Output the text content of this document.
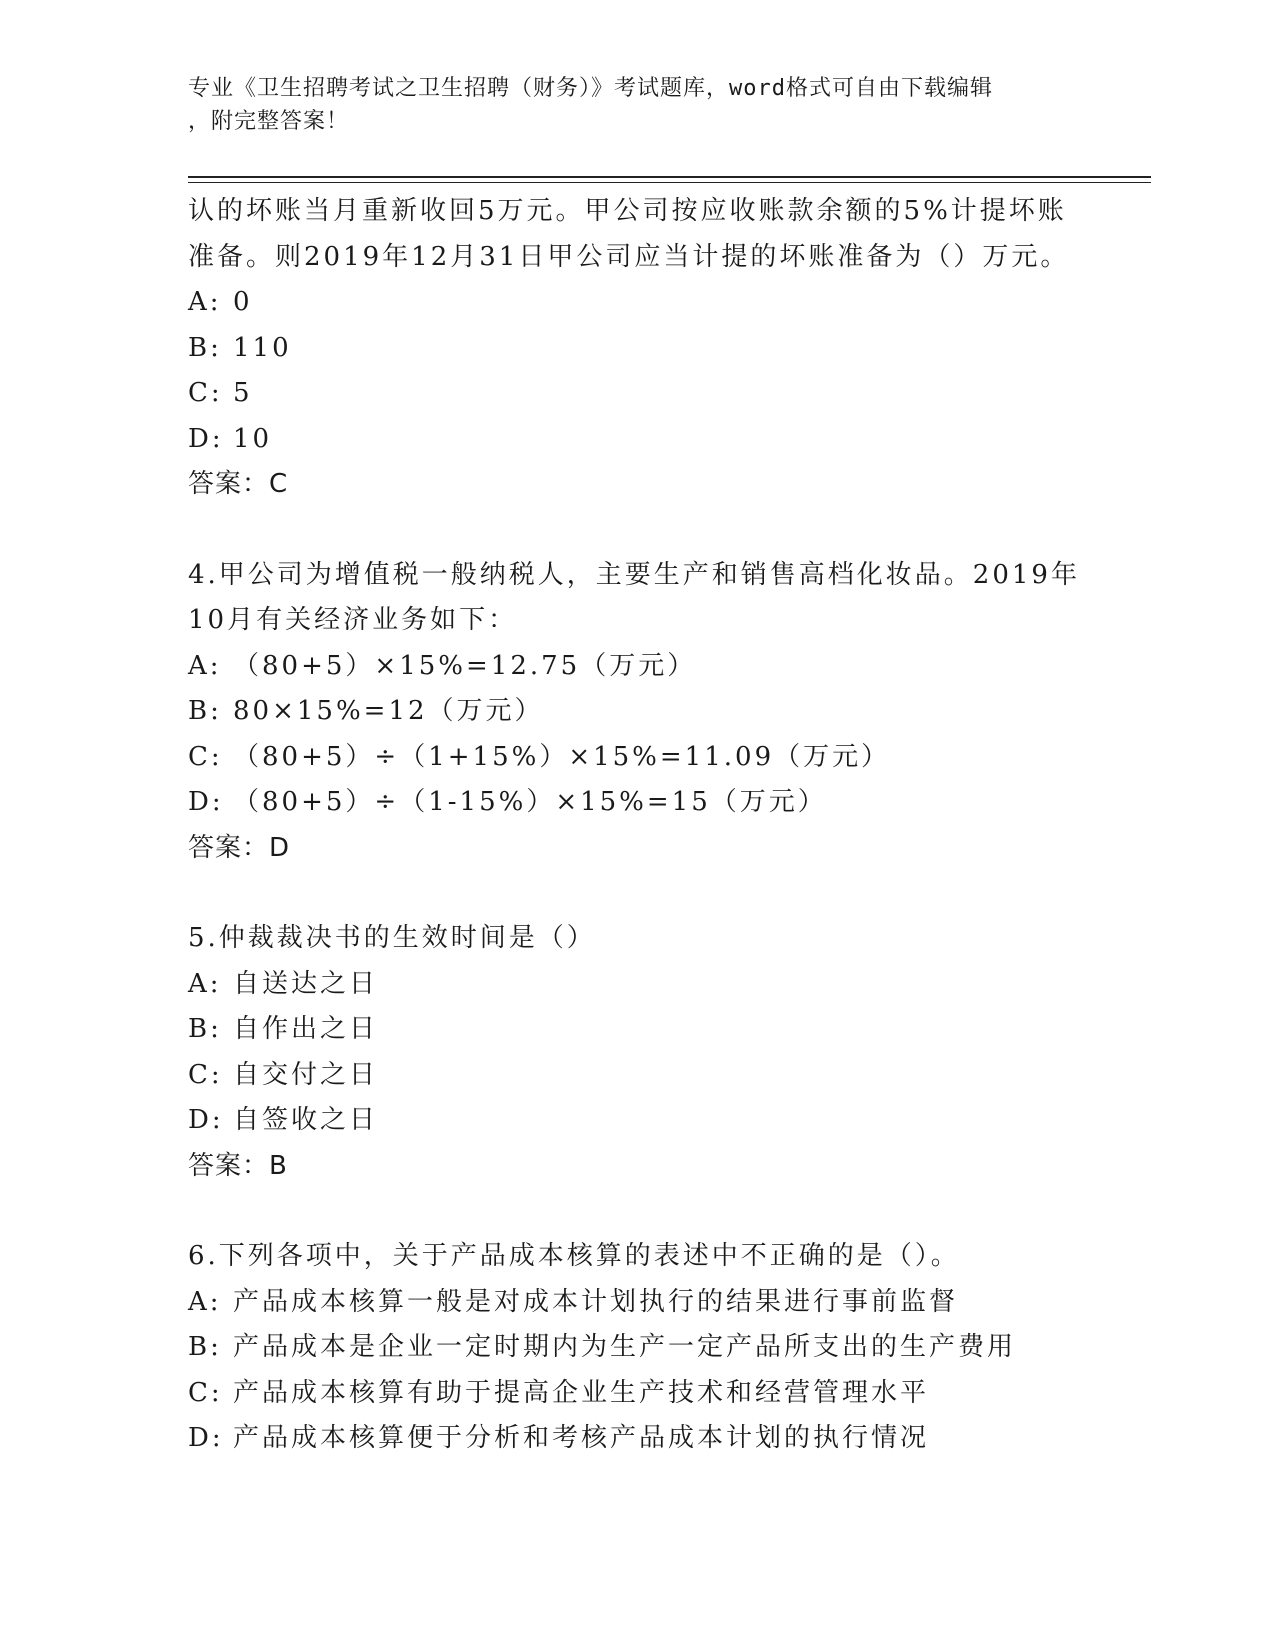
专业《卫生招聘考试之卫生招聘（财务）》考试题库，word格式可自由下载编辑
，附完整答案！

认的坏账当月重新收回5万元。甲公司按应收账款余额的5%计提坏账

准备。则2019年12月31日甲公司应当计提的坏账准备为（）万元。

A: 0

B: 110

C: 5

D: 10

答案：C

4.甲公司为增值税一般纳税人，主要生产和销售高档化妆品。2019年

10月有关经济业务如下：

A: （80+5）×15%=12.75（万元）

B: 80×15%=12（万元）

C: （80+5）÷（1+15%）×15%=11.09（万元）

D: （80+5）÷（1-15%）×15%=15（万元）

答案：D

5.仲裁裁决书的生效时间是（）

A: 自送达之日

B: 自作出之日

C: 自交付之日

D: 自签收之日

答案：B

6.下列各项中，关于产品成本核算的表述中不正确的是（）。

A: 产品成本核算一般是对成本计划执行的结果进行事前监督

B: 产品成本是企业一定时期内为生产一定产品所支出的生产费用

C: 产品成本核算有助于提高企业生产技术和经营管理水平

D: 产品成本核算便于分析和考核产品成本计划的执行情况
